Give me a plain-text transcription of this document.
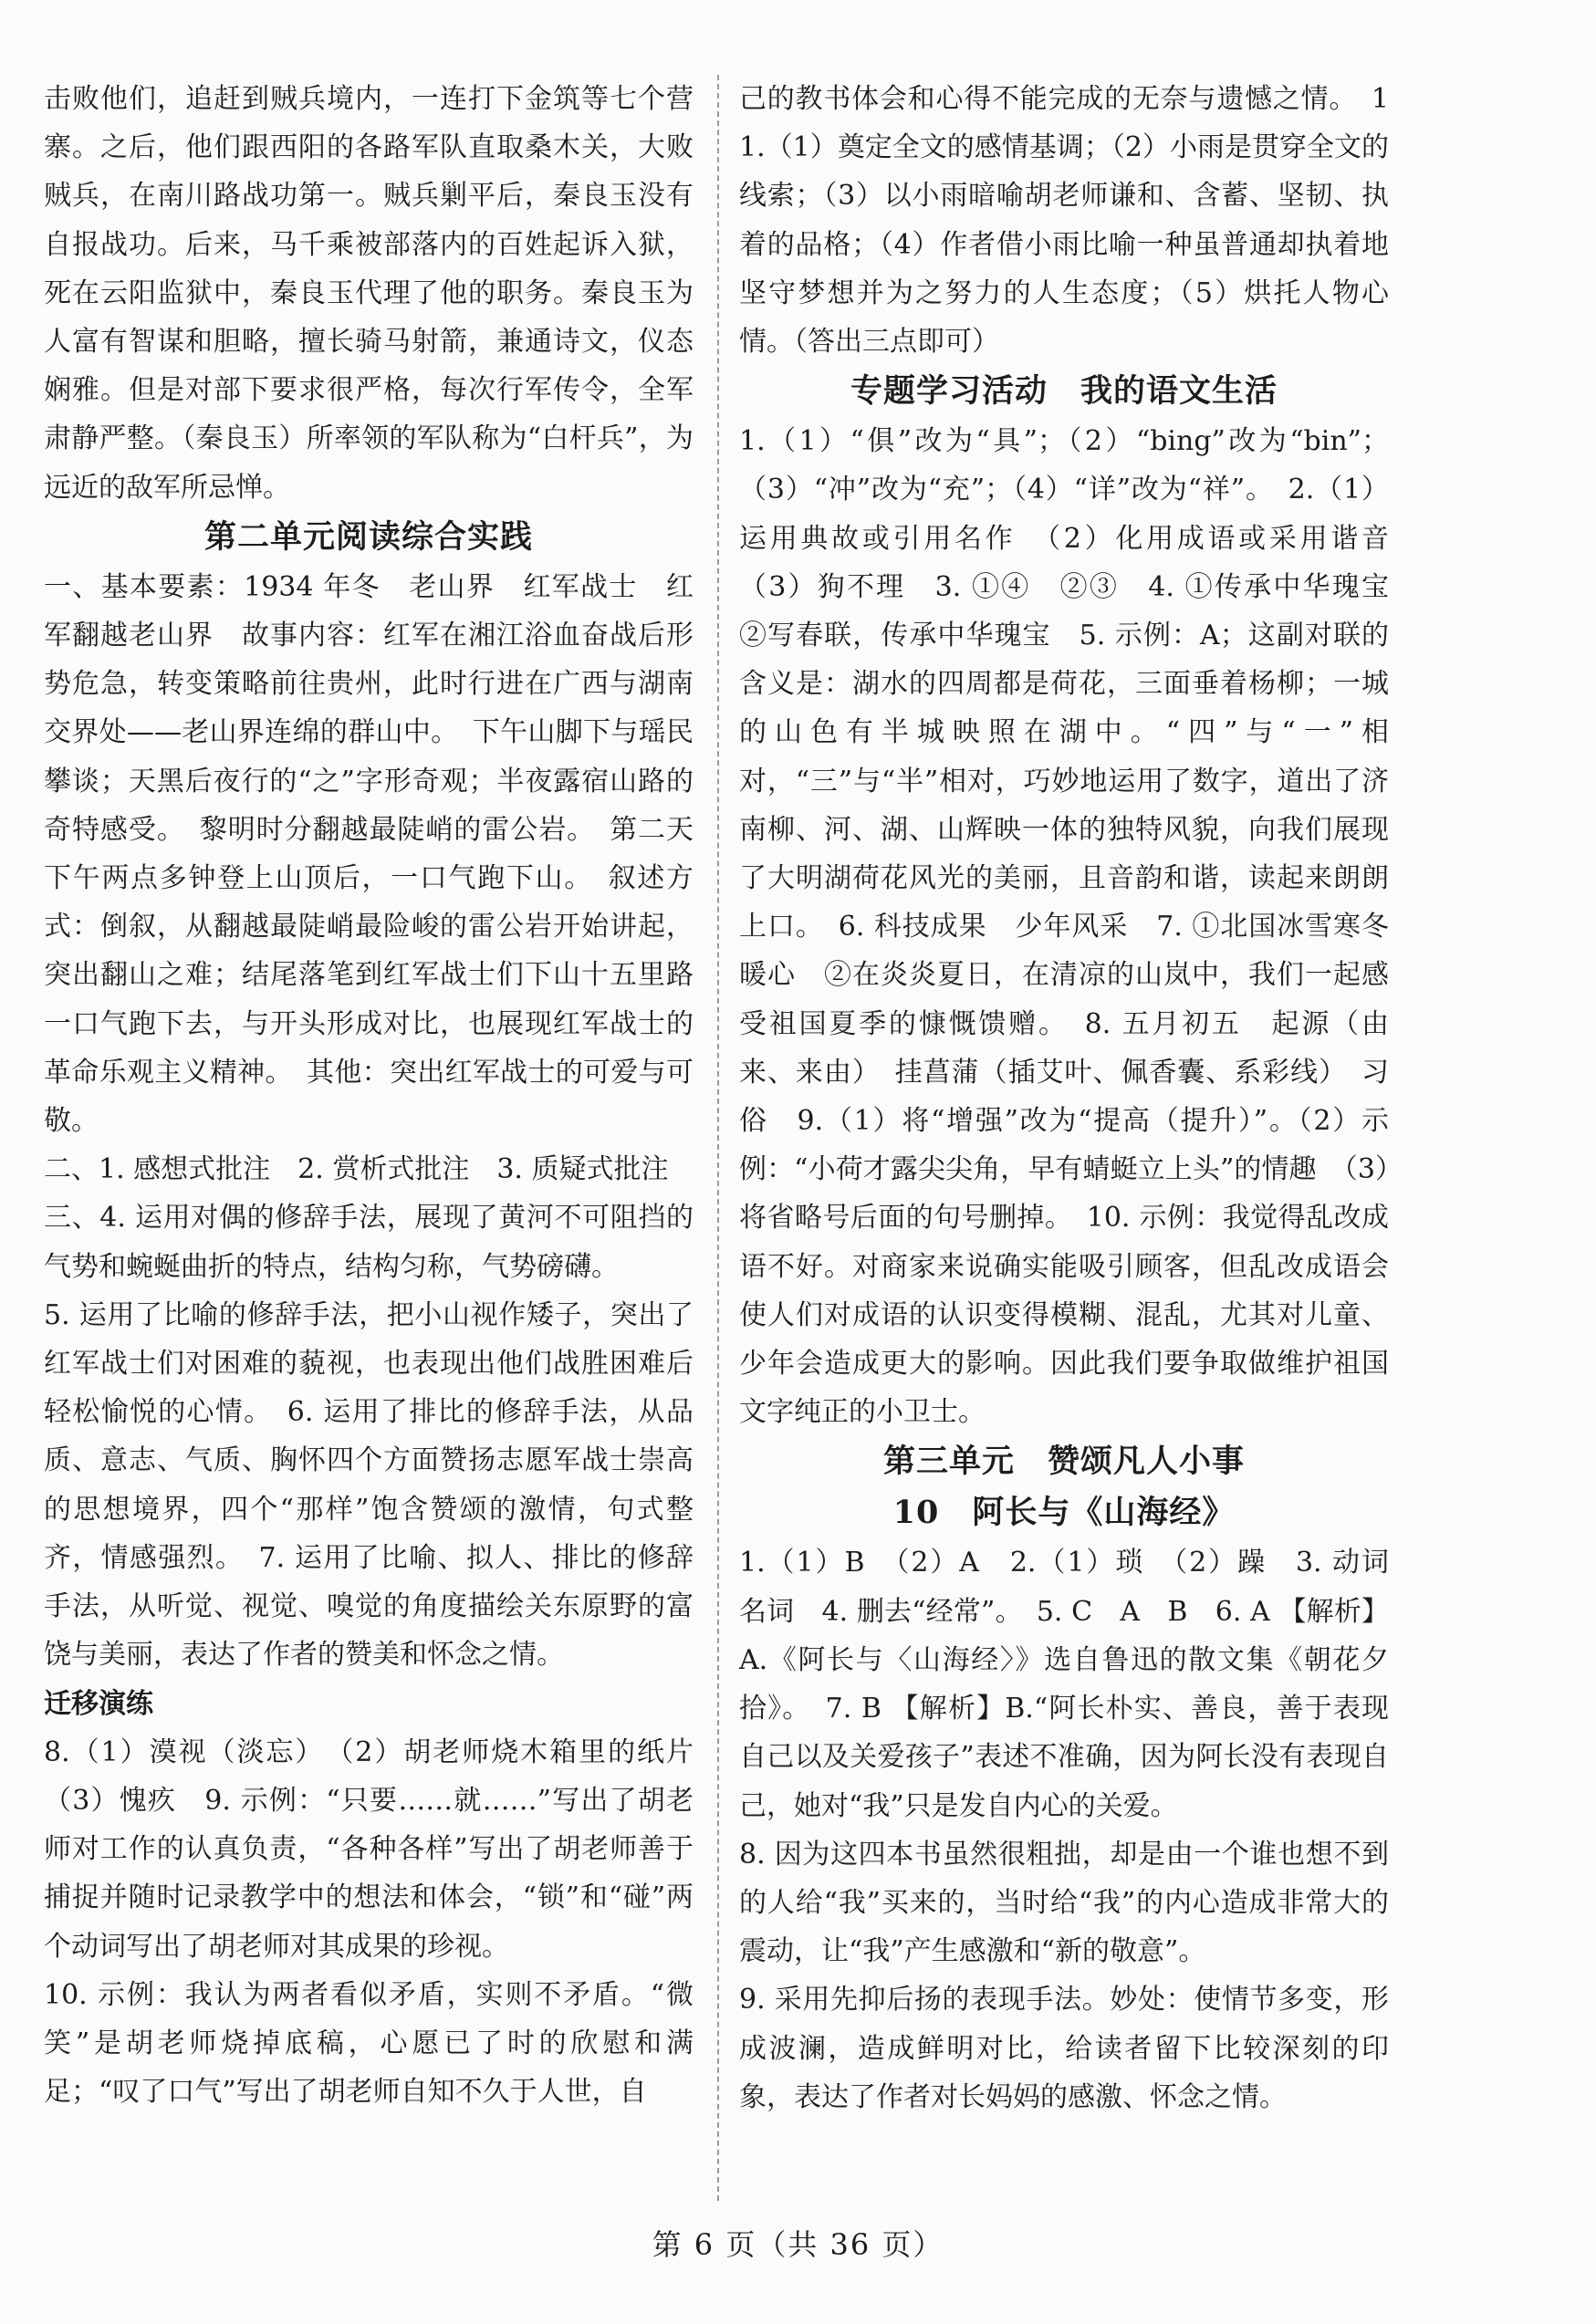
击败他们，追赶到贼兵境内，一连打下金筑等七个营寨。之后，他们跟西阳的各路军队直取桑木关，大败贼兵，在南川路战功第一。贼兵剿平后，秦良玉没有自报战功。后来，马千乘被部落内的百姓起诉入狱，死在云阳监狱中，秦良玉代理了他的职务。秦良玉为人富有智谋和胆略，擅长骑马射箭，兼通诗文，仪态娴雅。但是对部下要求很严格，每次行军传令，全军肃静严整。（秦良玉）所率领的军队称为“白杆兵”，为远近的敌军所忌惮。

第二单元阅读综合实践

一、基本要素：1934 年冬　老山界　红军战士　红军翻越老山界　故事内容：红军在湘江浴血奋战后形势危急，转变策略前往贵州，此时行进在广西与湖南交界处——老山界连绵的群山中。　下午山脚下与瑶民攀谈；天黑后夜行的“之”字形奇观；半夜露宿山路的奇特感受。　黎明时分翻越最陡峭的雷公岩。　第二天下午两点多钟登上山顶后，一口气跑下山。　叙述方式：倒叙，从翻越最陡峭最险峻的雷公岩开始讲起，突出翻山之难；结尾落笔到红军战士们下山十五里路一口气跑下去，与开头形成对比，也展现红军战士的革命乐观主义精神。　其他：突出红军战士的可爱与可敬。

二、1. 感想式批注　2. 赏析式批注　3. 质疑式批注

三、4. 运用对偶的修辞手法，展现了黄河不可阻挡的气势和蜿蜒曲折的特点，结构匀称，气势磅礴。

5. 运用了比喻的修辞手法，把小山视作矮子，突出了红军战士们对困难的藐视，也表现出他们战胜困难后轻松愉悦的心情。　6. 运用了排比的修辞手法，从品质、意志、气质、胸怀四个方面赞扬志愿军战士崇高的思想境界，四个“那样”饱含赞颂的激情，句式整齐，情感强烈。　7. 运用了比喻、拟人、排比的修辞手法，从听觉、视觉、嗅觉的角度描绘关东原野的富饶与美丽，表达了作者的赞美和怀念之情。

迁移演练

8.（1）漠视（淡忘）　（2）胡老师烧木箱里的纸片　（3）愧疚　9. 示例：“只要……就……”写出了胡老师对工作的认真负责，“各种各样”写出了胡老师善于捕捉并随时记录教学中的想法和体会，“锁”和“碰”两个动词写出了胡老师对其成果的珍视。

10. 示例：我认为两者看似矛盾，实则不矛盾。“微笑”是胡老师烧掉底稿，心愿已了时的欣慰和满足；“叹了口气”写出了胡老师自知不久于人世，自

己的教书体会和心得不能完成的无奈与遗憾之情。　11.（1）奠定全文的感情基调；（2）小雨是贯穿全文的线索；（3）以小雨暗喻胡老师谦和、含蓄、坚韧、执着的品格；（4）作者借小雨比喻一种虽普通却执着地坚守梦想并为之努力的人生态度；（5）烘托人物心情。（答出三点即可）

专题学习活动　我的语文生活

1.（1）“俱”改为“具”；（2）“bing”改为“bin”；（3）“冲”改为“充”；（4）“详”改为“祥”。　2.（1）运用典故或引用名作　（2）化用成语或采用谐音　（3）狗不理　3. ①④　②③　4. ①传承中华瑰宝　②写春联，传承中华瑰宝　5. 示例：A；这副对联的含义是：湖水的四周都是荷花，三面垂着杨柳；一城的山色有半城映照在湖中。“四”与“一”相对，“三”与“半”相对，巧妙地运用了数字，道出了济南柳、河、湖、山辉映一体的独特风貌，向我们展现了大明湖荷花风光的美丽，且音韵和谐，读起来朗朗上口。　6. 科技成果　少年风采　7. ①北国冰雪寒冬暖心　②在炎炎夏日，在清凉的山岚中，我们一起感受祖国夏季的慷慨馈赠。　8. 五月初五　起源（由来、来由）　挂菖蒲（插艾叶、佩香囊、系彩线）　习俗　9.（1）将“增强”改为“提高（提升）”。（2）示例：“小荷才露尖尖角，早有蜻蜓立上头”的情趣　（3）将省略号后面的句号删掉。　10. 示例：我觉得乱改成语不好。对商家来说确实能吸引顾客，但乱改成语会使人们对成语的认识变得模糊、混乱，尤其对儿童、少年会造成更大的影响。因此我们要争取做维护祖国文字纯正的小卫士。

第三单元　赞颂凡人小事
10　阿长与《山海经》

1.（1）B　（2）A　2.（1）琐　（2）躁　3. 动词　名词　4. 删去“经常”。　5. C　A　B　6. A 【解析】A.《阿长与〈山海经〉》选自鲁迅的散文集《朝花夕拾》。　7. B 【解析】B.“阿长朴实、善良，善于表现自己以及关爱孩子”表述不准确，因为阿长没有表现自己，她对“我”只是发自内心的关爱。

8. 因为这四本书虽然很粗拙，却是由一个谁也想不到的人给“我”买来的，当时给“我”的内心造成非常大的震动，让“我”产生感激和“新的敬意”。

9. 采用先抑后扬的表现手法。妙处：使情节多变，形成波澜，造成鲜明对比，给读者留下比较深刻的印象，表达了作者对长妈妈的感激、怀念之情。

第 6 页（共 36 页）
